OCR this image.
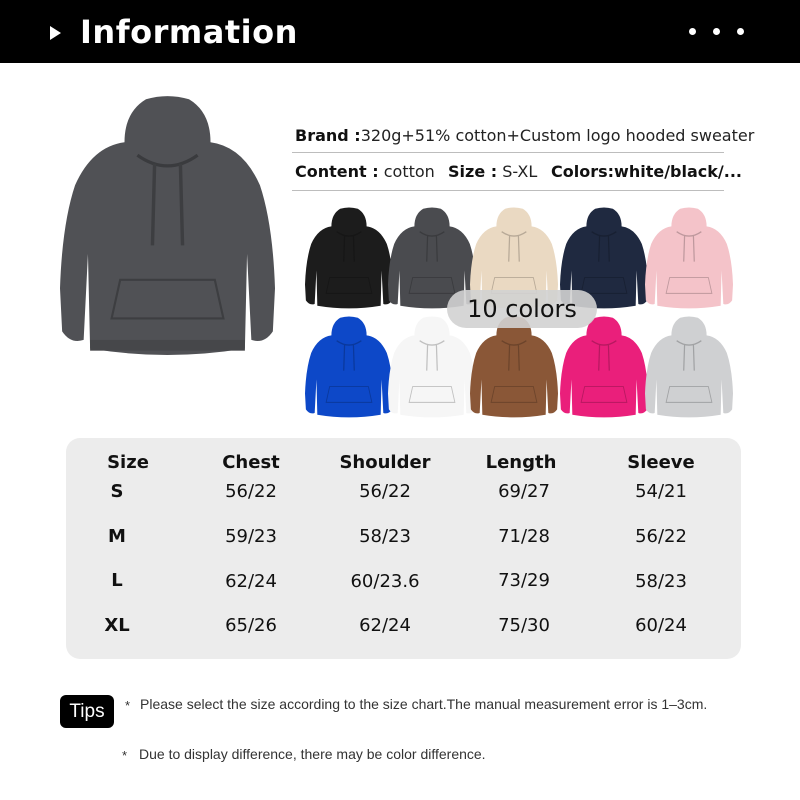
Information
Brand :320g+51% cotton+Custom logo hooded sweater
Content : cotton Size : S-XL Colors:white/black/...
10 colors
Size	Chest	Shoulder	Length	Sleeve
S	56/22	56/22	69/27	54/21
M	59/23	58/23	71/28	56/22
L	62/24	60/23.6	73/29	58/23
XL	65/26	62/24	75/30	60/24
Tips	* Please select the size according to the size chart.The manual measurement error is 1–3cm.
* Due to display difference, there may be color difference.
